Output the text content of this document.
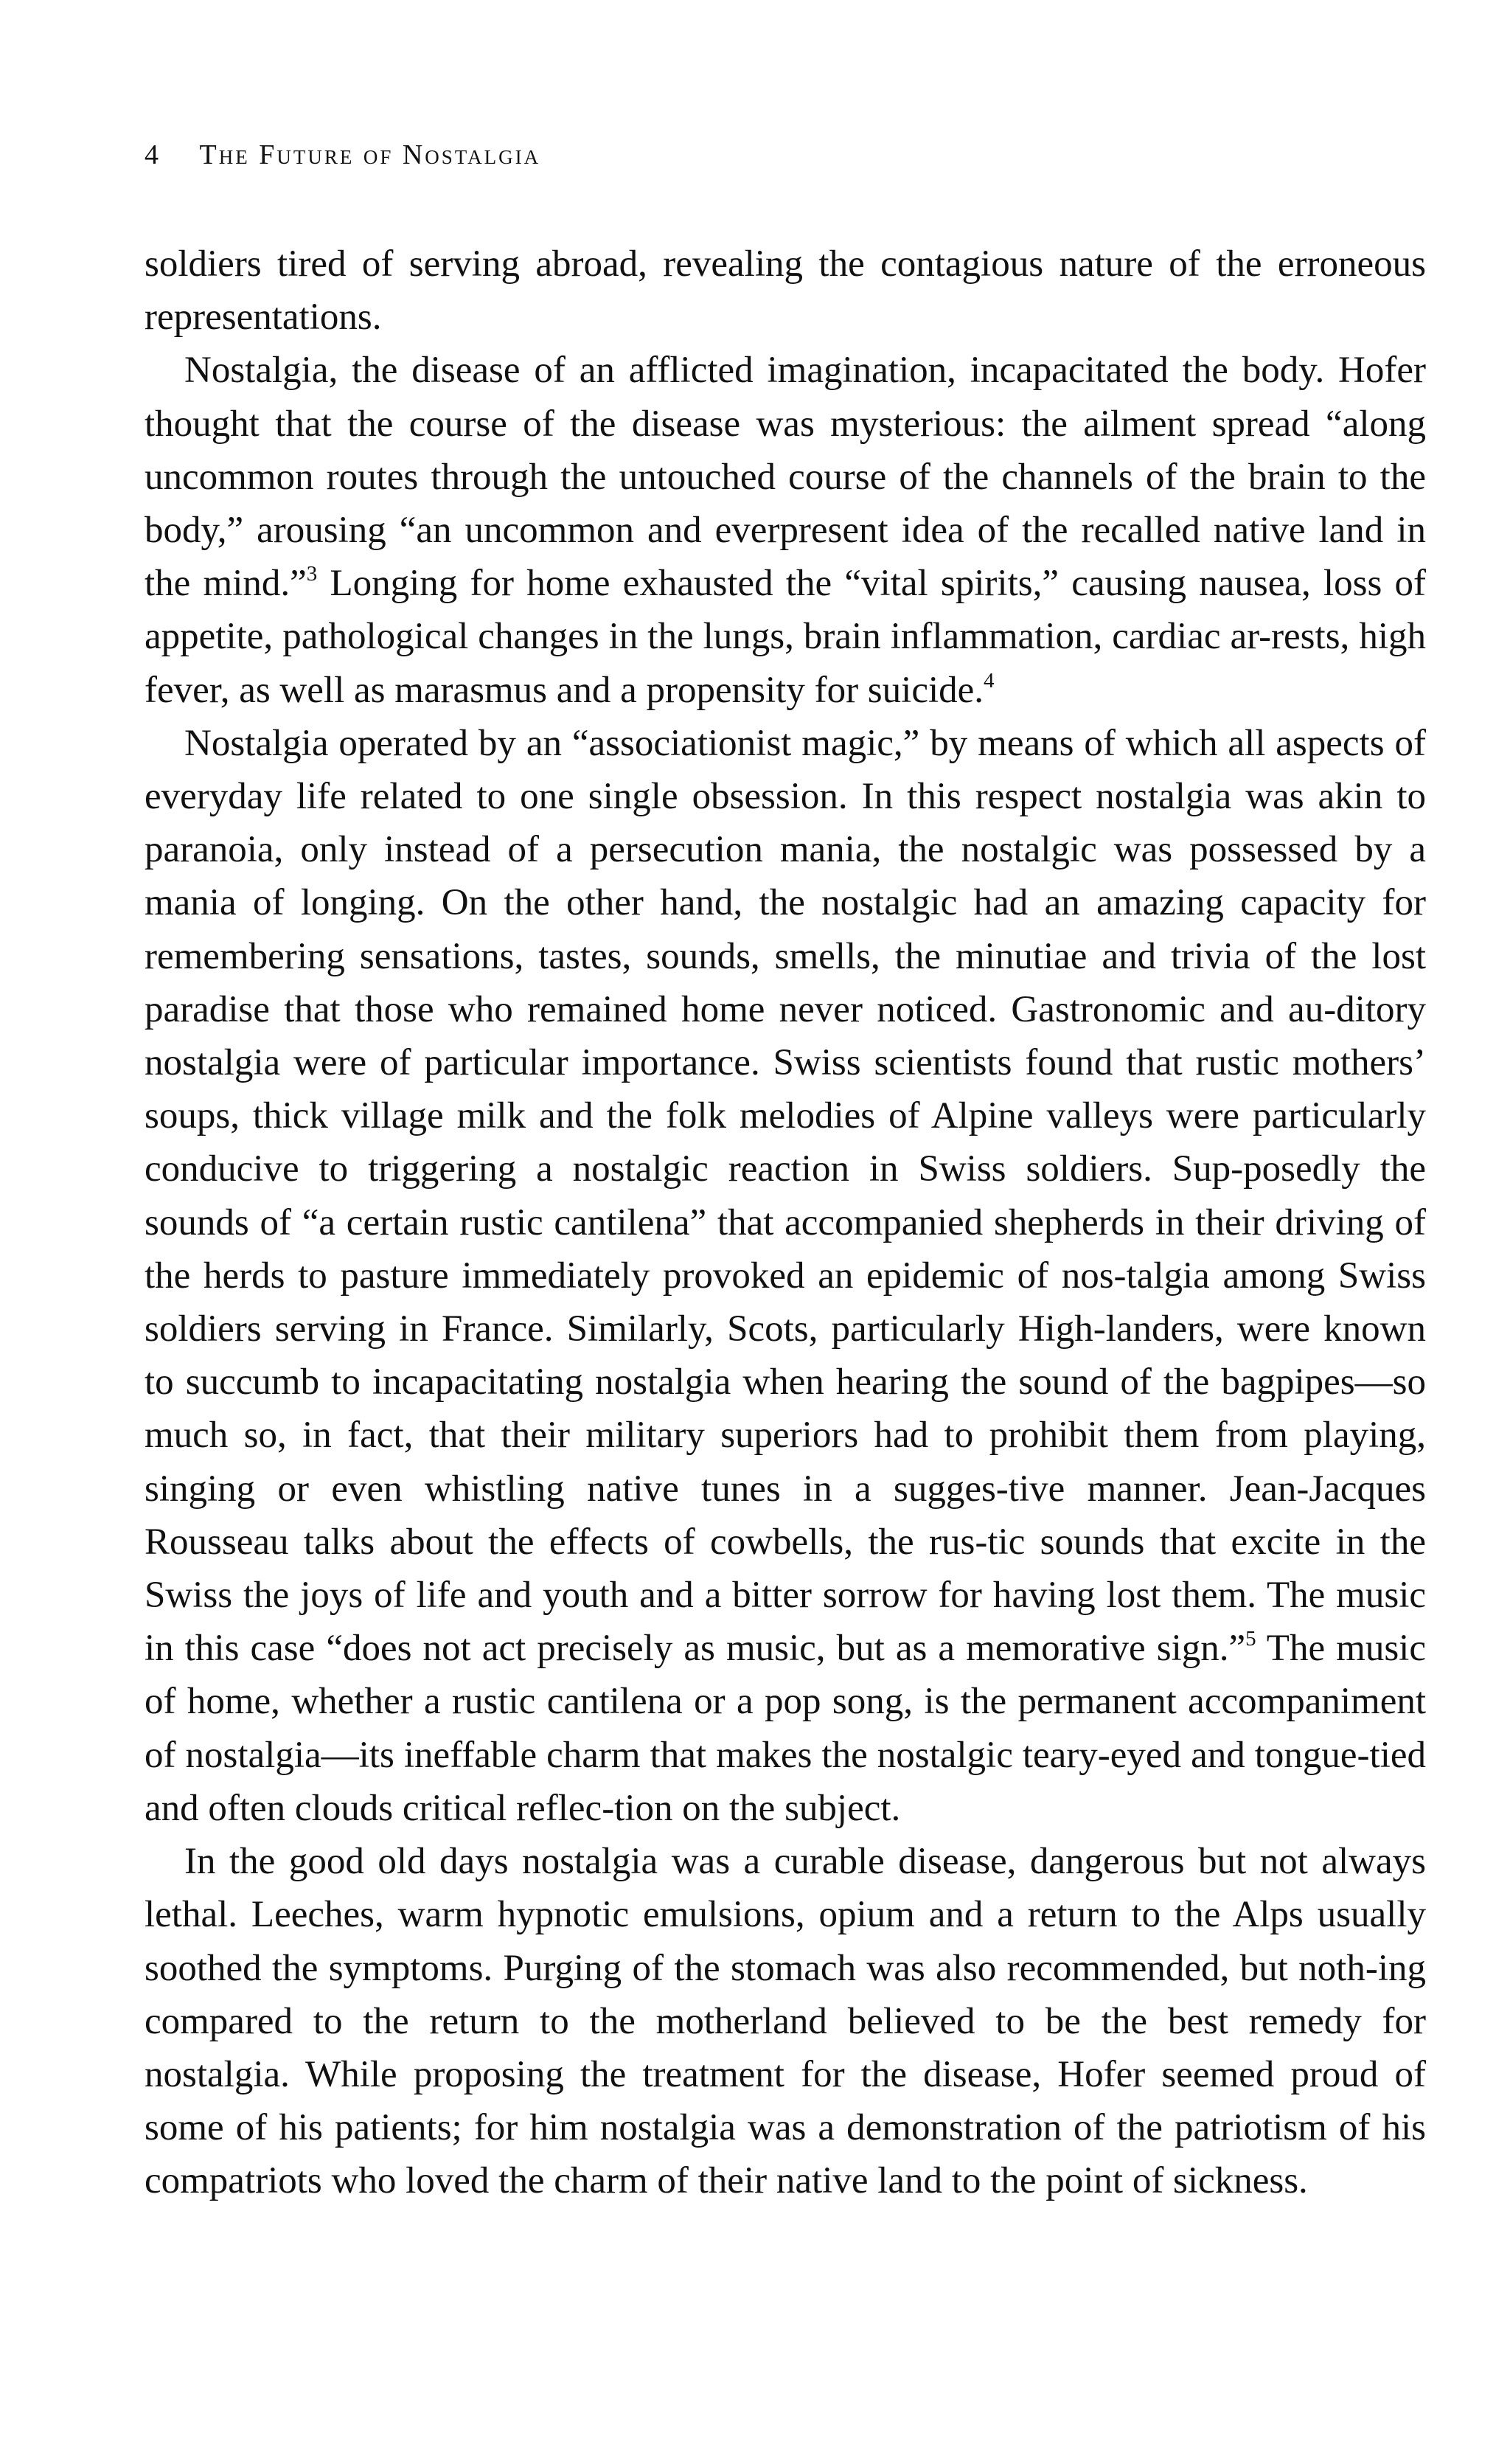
4 The Future of Nostalgia

soldiers tired of serving abroad, revealing the contagious nature of the erroneous representations.

Nostalgia, the disease of an afflicted imagination, incapacitated the body. Hofer thought that the course of the disease was mysterious: the ailment spread “along uncommon routes through the untouched course of the channels of the brain to the body,” arousing “an uncommon and everpresent idea of the recalled native land in the mind.”$^3$ Longing for home exhausted the “vital spirits,” causing nausea, loss of appetite, pathological changes in the lungs, brain inflammation, cardiac ar-rests, high fever, as well as marasmus and a propensity for suicide.$^4$

Nostalgia operated by an “associationist magic,” by means of which all aspects of everyday life related to one single obsession. In this respect nostalgia was akin to paranoia, only instead of a persecution mania, the nostalgic was possessed by a mania of longing. On the other hand, the nostalgic had an amazing capacity for remembering sensations, tastes, sounds, smells, the minutiae and trivia of the lost paradise that those who remained home never noticed. Gastronomic and au-ditory nostalgia were of particular importance. Swiss scientists found that rustic mothers’ soups, thick village milk and the folk melodies of Alpine valleys were particularly conducive to triggering a nostalgic reaction in Swiss soldiers. Sup-posedly the sounds of “a certain rustic cantilena” that accompanied shepherds in their driving of the herds to pasture immediately provoked an epidemic of nos-talgia among Swiss soldiers serving in France. Similarly, Scots, particularly High-landers, were known to succumb to incapacitating nostalgia when hearing the sound of the bagpipes—so much so, in fact, that their military superiors had to prohibit them from playing, singing or even whistling native tunes in a sugges-tive manner. Jean-Jacques Rousseau talks about the effects of cowbells, the rus-tic sounds that excite in the Swiss the joys of life and youth and a bitter sorrow for having lost them. The music in this case “does not act precisely as music, but as a memorative sign.”$^5$ The music of home, whether a rustic cantilena or a pop song, is the permanent accompaniment of nostalgia—its ineffable charm that makes the nostalgic teary-eyed and tongue-tied and often clouds critical reflec-tion on the subject.

In the good old days nostalgia was a curable disease, dangerous but not always lethal. Leeches, warm hypnotic emulsions, opium and a return to the Alps usually soothed the symptoms. Purging of the stomach was also recommended, but noth-ing compared to the return to the motherland believed to be the best remedy for nostalgia. While proposing the treatment for the disease, Hofer seemed proud of some of his patients; for him nostalgia was a demonstration of the patriotism of his compatriots who loved the charm of their native land to the point of sickness.
